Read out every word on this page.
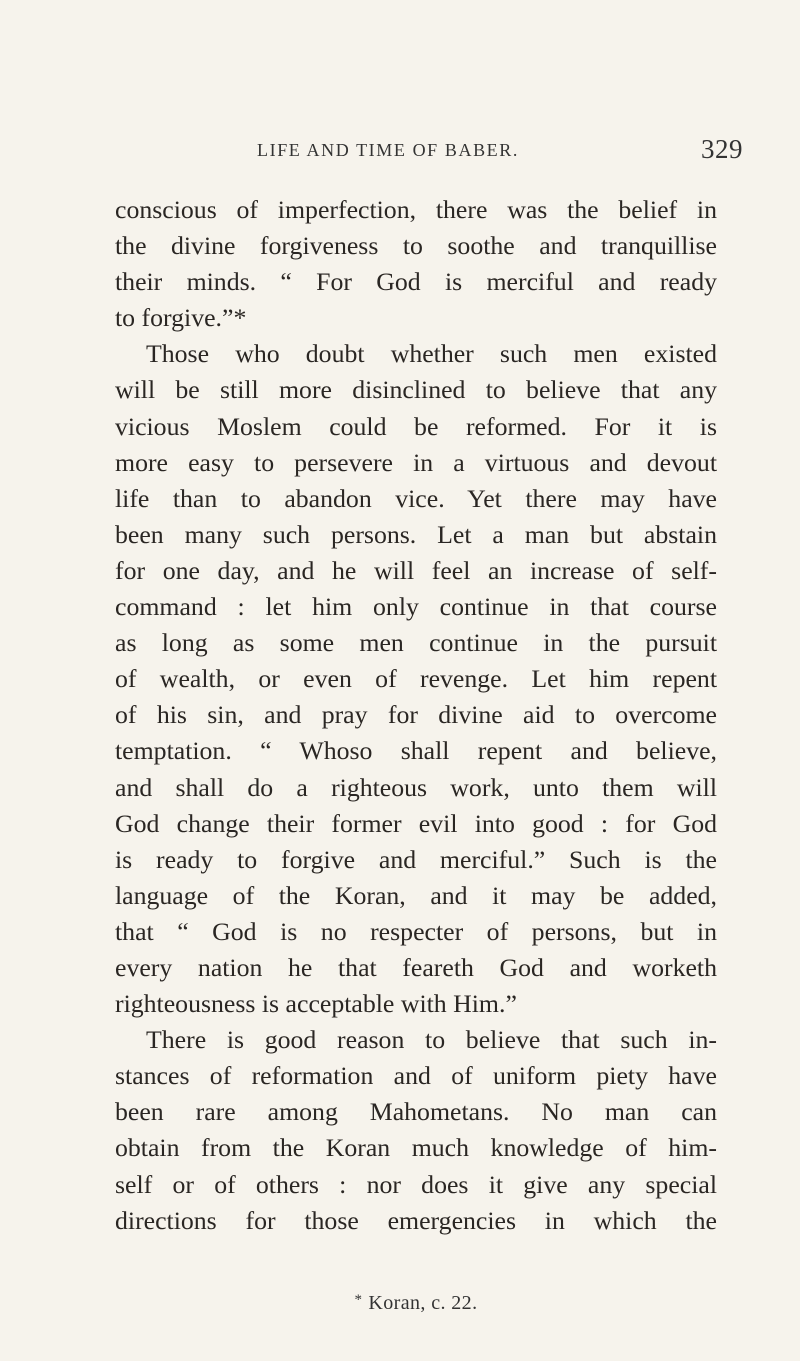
LIFE AND TIME OF BABER.	329
conscious of imperfection, there was the belief in
the divine forgiveness to soothe and tranquillise
their minds. “ For God is merciful and ready
to forgive.”*
Those who doubt whether such men existed
will be still more disinclined to believe that any
vicious Moslem could be reformed. For it is
more easy to persevere in a virtuous and devout
life than to abandon vice. Yet there may have
been many such persons. Let a man but abstain
for one day, and he will feel an increase of self-
command : let him only continue in that course
as long as some men continue in the pursuit
of wealth, or even of revenge. Let him repent
of his sin, and pray for divine aid to overcome
temptation. “ Whoso shall repent and believe,
and shall do a righteous work, unto them will
God change their former evil into good : for God
is ready to forgive and merciful.” Such is the
language of the Koran, and it may be added,
that “ God is no respecter of persons, but in
every nation he that feareth God and worketh
righteousness is acceptable with Him.”
There is good reason to believe that such in-
stances of reformation and of uniform piety have
been rare among Mahometans. No man can
obtain from the Koran much knowledge of him-
self or of others : nor does it give any special
directions for those emergencies in which the
* Koran, c. 22.
